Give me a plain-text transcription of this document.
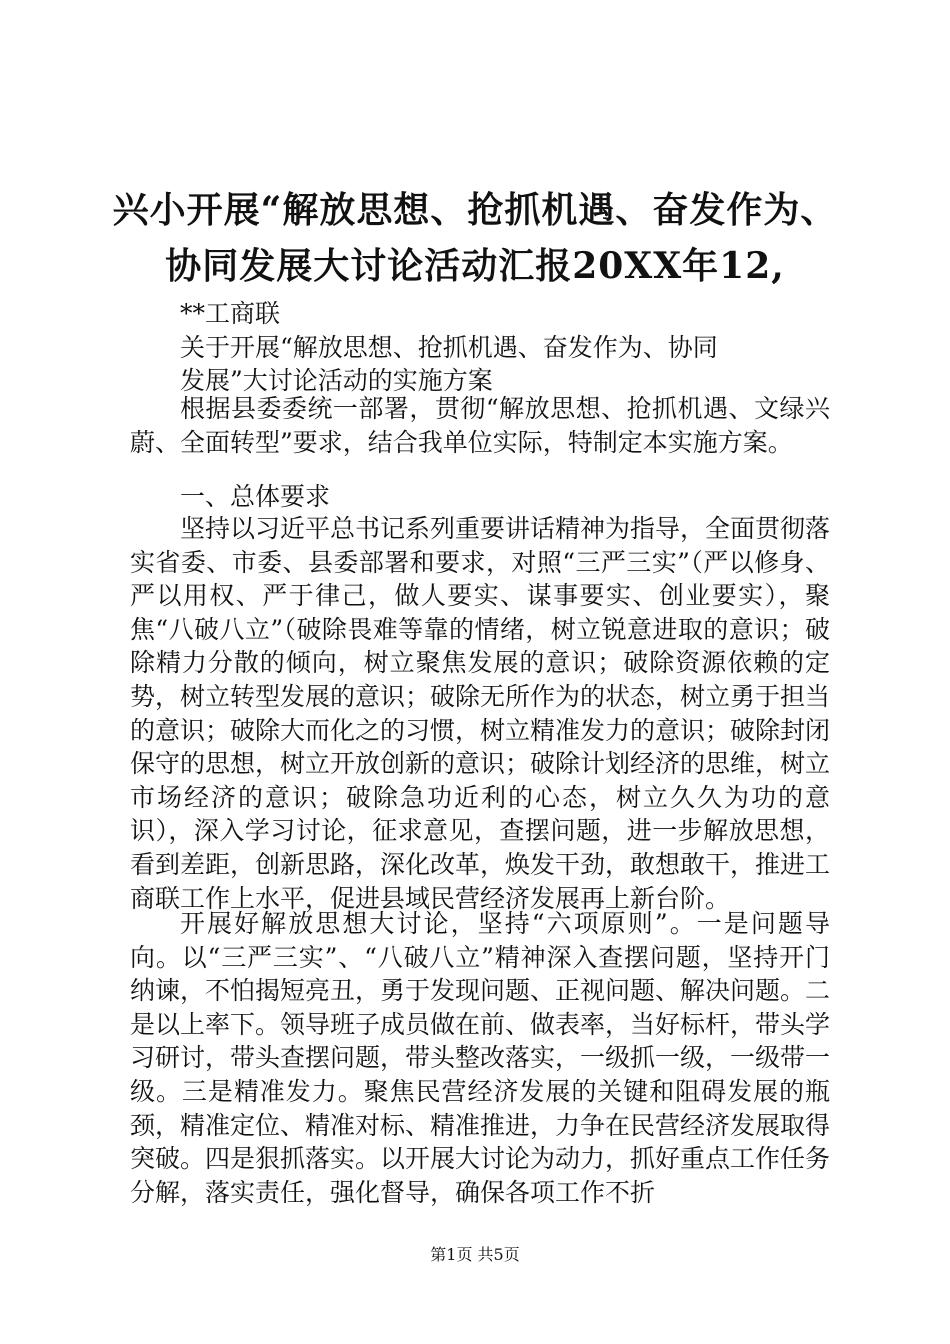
兴小开展“解放思想、抢抓机遇、奋发作为、
协同发展大讨论活动汇报20XX年12,
**工商联
关于开展“解放思想、抢抓机遇、奋发作为、协同
发展”大讨论活动的实施方案

根据县委委统一部署，贯彻“解放思想、抢抓机遇、文绿兴蔚、全面转型”要求，结合我单位实际，特制定本实施方案。

一、总体要求

坚持以习近平总书记系列重要讲话精神为指导，全面贯彻落实省委、市委、县委部署和要求，对照“三严三实”（严以修身、严以用权、严于律己，做人要实、谋事要实、创业要实），聚焦“八破八立”（破除畏难等靠的情绪，树立锐意进取的意识；破除精力分散的倾向，树立聚焦发展的意识；破除资源依赖的定势，树立转型发展的意识；破除无所作为的状态，树立勇于担当的意识；破除大而化之的习惯，树立精准发力的意识；破除封闭保守的思想，树立开放创新的意识；破除计划经济的思维，树立市场经济的意识；破除急功近利的心态，树立久久为功的意识），深入学习讨论，征求意见，查摆问题，进一步解放思想，看到差距，创新思路，深化改革，焕发干劲，敢想敢干，推进工商联工作上水平，促进县域民营经济发展再上新台阶。

开展好解放思想大讨论，坚持“六项原则”。一是问题导向。以“三严三实”、“八破八立”精神深入查摆问题，坚持开门纳谏，不怕揭短亮丑，勇于发现问题、正视问题、解决问题。二是以上率下。领导班子成员做在前、做表率，当好标杆，带头学习研讨，带头查摆问题，带头整改落实，一级抓一级，一级带一级。三是精准发力。聚焦民营经济发展的关键和阻碍发展的瓶颈，精准定位、精准对标、精准推进，力争在民营经济发展取得突破。四是狠抓落实。以开展大讨论为动力，抓好重点工作任务分解，落实责任，强化督导，确保各项工作不折

第1页 共5页
